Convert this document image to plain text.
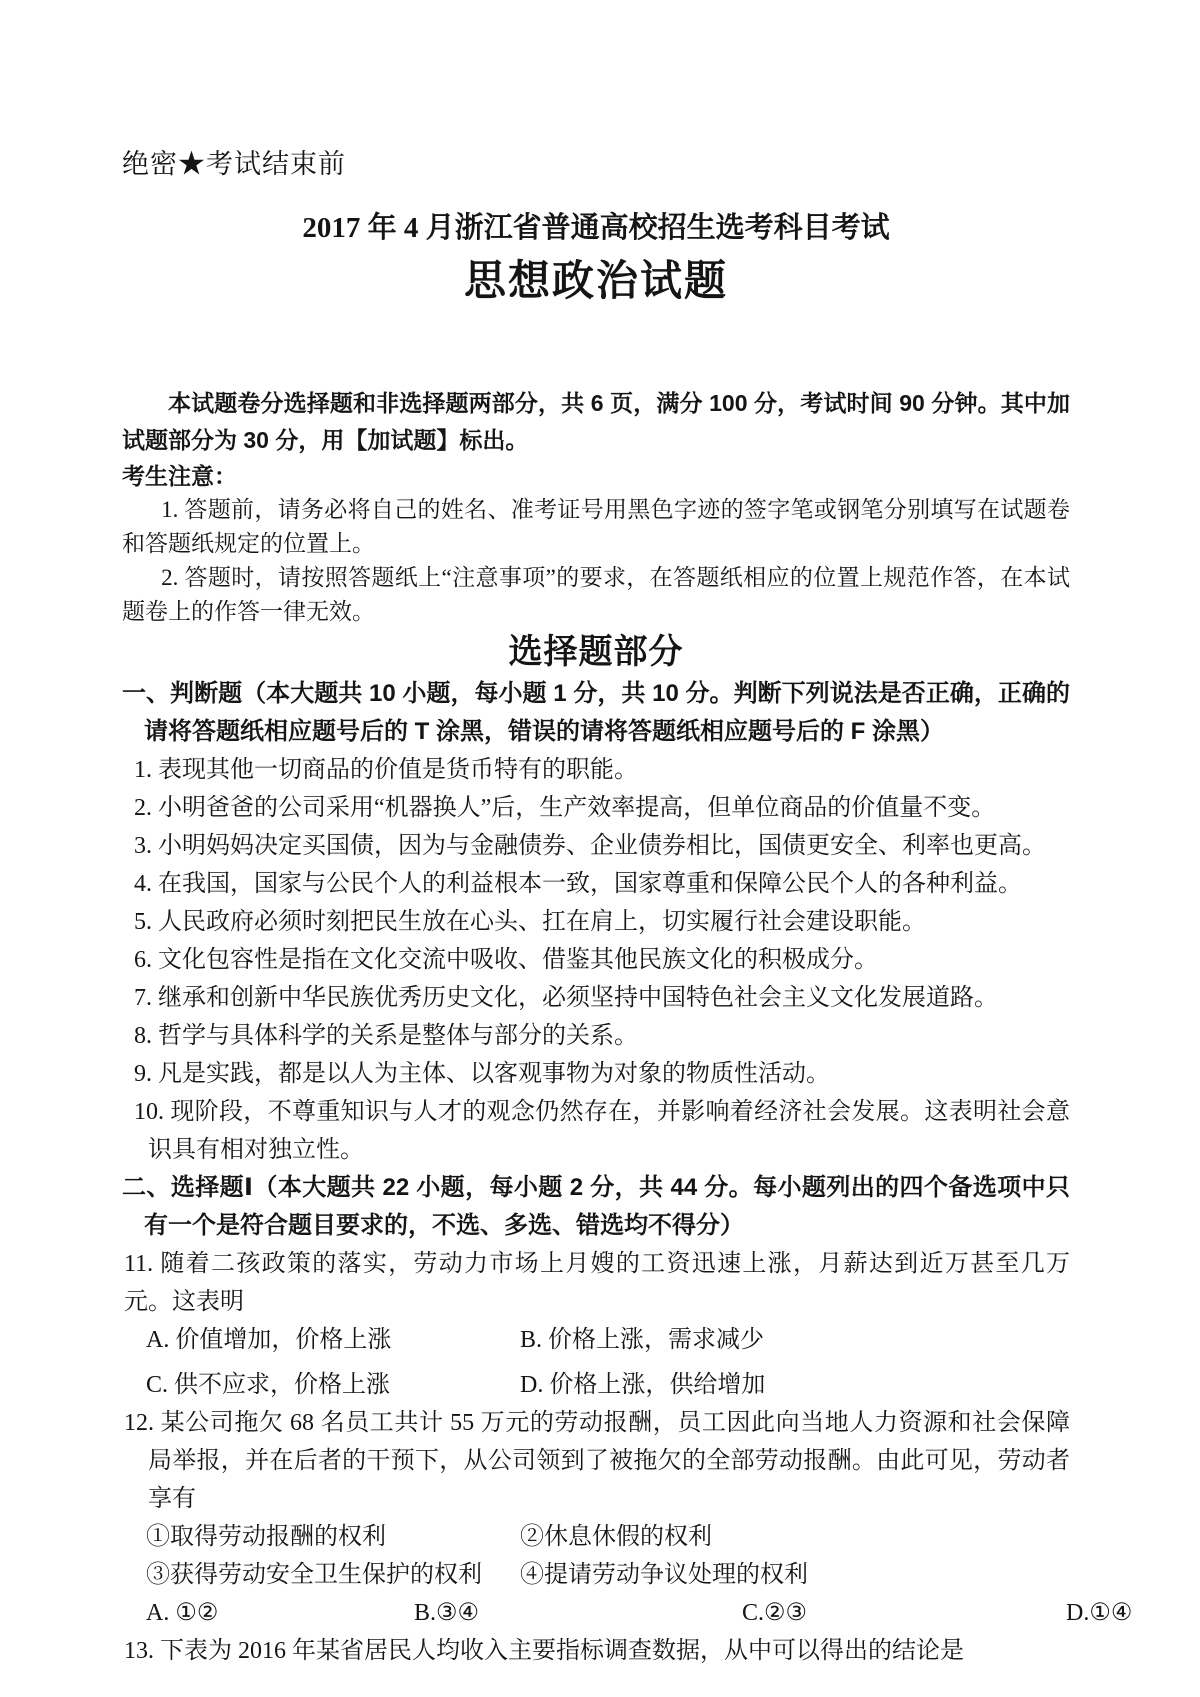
绝密★考试结束前
2017 年 4 月浙江省普通高校招生选考科目考试
思想政治试题

本试题卷分选择题和非选择题两部分，共 6 页，满分 100 分，考试时间 90 分钟。其中加试题部分为 30 分，用【加试题】标出。

考生注意：

1. 答题前，请务必将自己的姓名、准考证号用黑色字迹的签字笔或钢笔分别填写在试题卷和答题纸规定的位置上。

2. 答题时，请按照答题纸上“注意事项”的要求，在答题纸相应的位置上规范作答，在本试题卷上的作答一律无效。

选择题部分

一、判断题（本大题共 10 小题，每小题 1 分，共 10 分。判断下列说法是否正确，正确的请将答题纸相应题号后的 T 涂黑，错误的请将答题纸相应题号后的 F 涂黑）

1. 表现其他一切商品的价值是货币特有的职能。

2. 小明爸爸的公司采用“机器换人”后，生产效率提高，但单位商品的价值量不变。

3. 小明妈妈决定买国债，因为与金融债券、企业债券相比，国债更安全、利率也更高。

4. 在我国，国家与公民个人的利益根本一致，国家尊重和保障公民个人的各种利益。

5. 人民政府必须时刻把民生放在心头、扛在肩上，切实履行社会建设职能。

6. 文化包容性是指在文化交流中吸收、借鉴其他民族文化的积极成分。

7. 继承和创新中华民族优秀历史文化，必须坚持中国特色社会主义文化发展道路。

8. 哲学与具体科学的关系是整体与部分的关系。

9. 凡是实践，都是以人为主体、以客观事物为对象的物质性活动。

10. 现阶段，不尊重知识与人才的观念仍然存在，并影响着经济社会发展。这表明社会意识具有相对独立性。

二、选择题Ⅰ（本大题共 22 小题，每小题 2 分，共 44 分。每小题列出的四个备选项中只有一个是符合题目要求的，不选、多选、错选均不得分）

11. 随着二孩政策的落实，劳动力市场上月嫂的工资迅速上涨，月薪达到近万甚至几万元。这表明

A. 价值增加，价格上涨	B. 价格上涨，需求减少
C. 供不应求，价格上涨	D. 价格上涨，供给增加

12. 某公司拖欠 68 名员工共计 55 万元的劳动报酬，员工因此向当地人力资源和社会保障局举报，并在后者的干预下，从公司领到了被拖欠的全部劳动报酬。由此可见，劳动者享有

①取得劳动报酬的权利	②休息休假的权利
③获得劳动安全卫生保护的权利 ④提请劳动争议处理的权利
A. ①②	B.③④	C.②③	D.①④

13. 下表为 2016 年某省居民人均收入主要指标调查数据，从中可以得出的结论是
